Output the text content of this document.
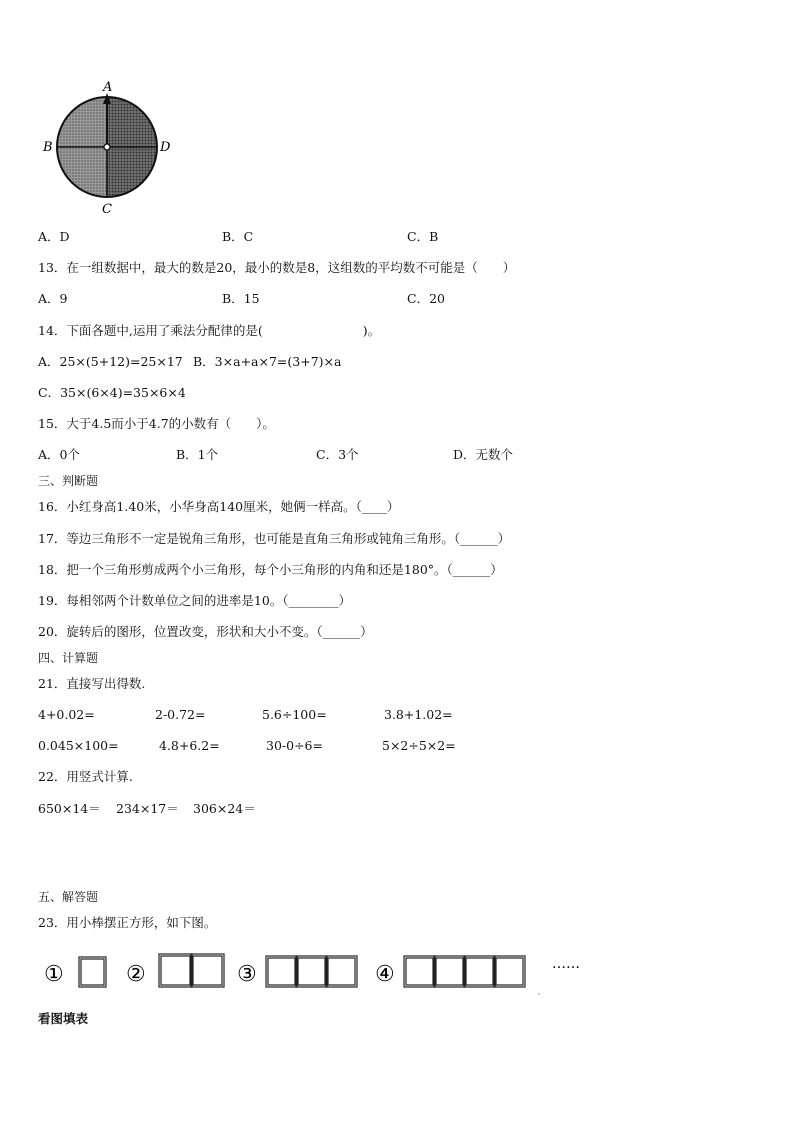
A
B	D
C
A．D	B．C	C．B
13．在一组数据中，最大的数是20，最小的数是8，这组数的平均数不可能是（　　）
A．9	B．15	C．20
14．下面各题中,运用了乘法分配律的是(　　　　　　　　)。
A．25×(5+12)=25×17 B．3×a+a×7=(3+7)×a
C．35×(6×4)=35×6×4
15．大于4.5而小于4.7的小数有（　　）。
A．0个	B．1个	C．3个	D．无数个
三、判断题
16．小红身高1.40米，小华身高140厘米，她俩一样高。（____）
17．等边三角形不一定是锐角三角形，也可能是直角三角形或钝角三角形。（______）
18．把一个三角形剪成两个小三角形，每个小三角形的内角和还是180°。（______）
19．每相邻两个计数单位之间的进率是10。（________）
20．旋转后的图形，位置改变，形状和大小不变。（______）
四、计算题
21．直接写出得数.
4+0.02=	2-0.72=	5.6÷100=	3.8+1.02=
0.045×100=	4.8+6.2=	30-0÷6=	5×2÷5×2=
22．用竖式计算.
650×14＝ 234×17＝ 306×24＝
五、解答题
23．用小棒摆正方形，如下图。
①	②	③	④	……
看图填表
